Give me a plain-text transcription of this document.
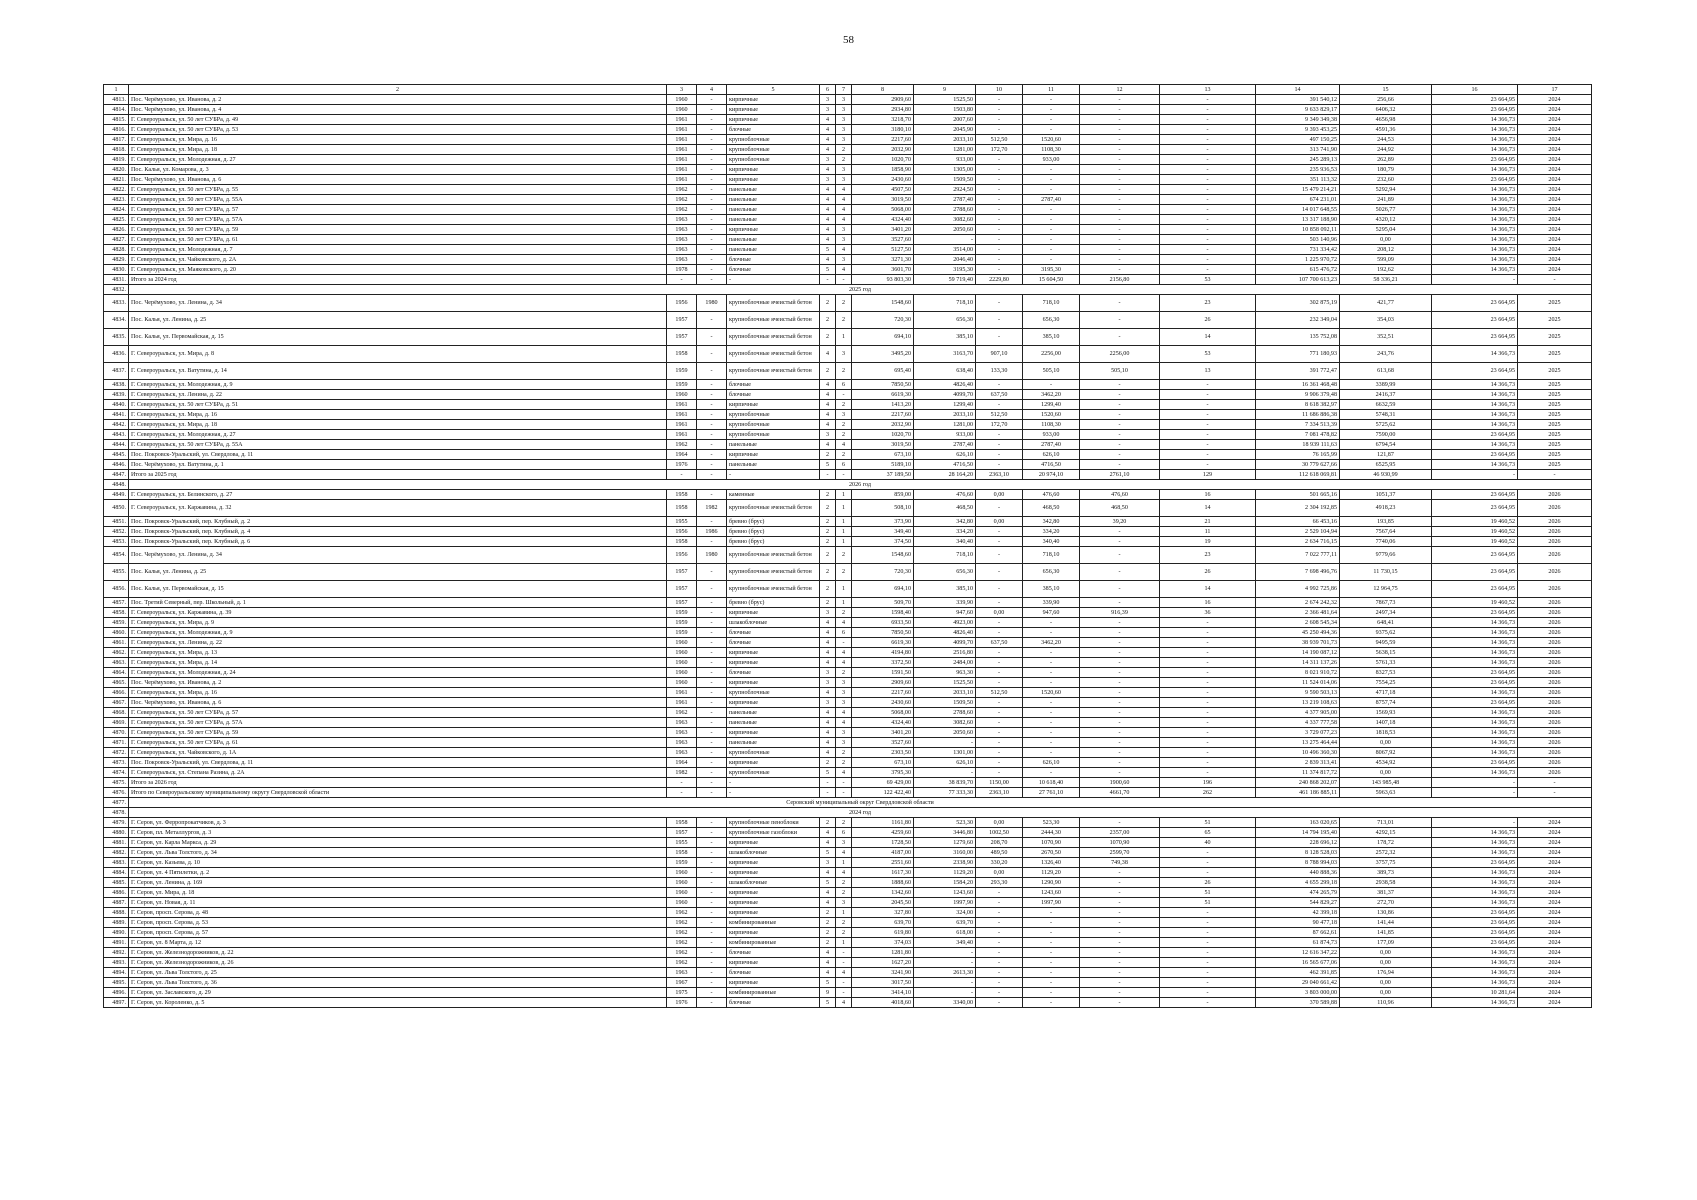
58
1	2	3	4	5	6	7	8	9	10	11	12	13	14	15	16	17
4813.	Пос. Черёмухово, ул. Иванова, д. 2	1960	-	кирпичные	3	3	2909,60	1525,50	-	-	-	-	391 540,12	256,66	23 664,95	2024
4814.	Пос. Черёмухово, ул. Иванова, д. 4	1960	-	кирпичные	3	3	2934,80	1503,80	-	-	-	-	9 633 829,17	6406,32	23 664,95	2024
4815.	Г. Североуральск, ул. 50 лет СУБРа, д. 49	1961	-	кирпичные	4	3	3218,70	2007,60	-	-	-	-	9 349 349,38	4656,98	14 366,73	2024
4816.	Г. Североуральск, ул. 50 лет СУБРа, д. 53	1961	-	блочные	4	3	3180,10	2045,90	-	-	-	-	9 393 453,25	4591,36	14 366,73	2024
4817.	Г. Североуральск, ул. Мира, д. 16	1961	-	крупноблочные	4	3	2217,60	2033,10	512,50	1520,60	-	-	497 150,25	244,53	14 366,73	2024
4818.	Г. Североуральск, ул. Мира, д. 18	1961	-	крупноблочные	4	2	2032,90	1281,00	172,70	1108,30	-	-	313 741,90	244,92	14 366,73	2024
4819.	Г. Североуральск, ул. Молодежная, д. 27	1961	-	крупноблочные	3	2	1020,70	933,00	-	933,00	-	-	245 289,13	262,89	23 664,95	2024
4820.	Пос. Калья, ул. Комарова, д. 3	1961	-	кирпичные	4	3	1858,90	1305,00	-	-	-	-	235 936,53	180,79	14 366,73	2024
4821.	Пос. Черёмухово, ул. Иванова, д. 6	1961	-	кирпичные	3	3	2430,60	1509,50	-	-	-	-	351 113,32	232,60	23 664,95	2024
4822.	Г. Североуральск, ул. 50 лет СУБРа, д. 55	1962	-	панельные	4	4	4507,50	2924,50	-	-	-	-	15 479 214,21	5292,94	14 366,73	2024
4823.	Г. Североуральск, ул. 50 лет СУБРа, д. 55А	1962	-	панельные	4	4	3019,50	2787,40	-	2787,40	-	-	674 231,01	241,89	14 366,73	2024
4824.	Г. Североуральск, ул. 50 лет СУБРа, д. 57	1962	-	панельные	4	4	5068,00	2788,60	-	-	-	-	14 017 648,55	5026,77	14 366,73	2024
4825.	Г. Североуральск, ул. 50 лет СУБРа, д. 57А	1963	-	панельные	4	4	4324,40	3082,60	-	-	-	-	13 317 188,90	4320,12	14 366,73	2024
4826.	Г. Североуральск, ул. 50 лет СУБРа, д. 59	1963	-	кирпичные	4	3	3401,20	2050,60	-	-	-	-	10 858 092,11	5295,04	14 366,73	2024
4827.	Г. Североуральск, ул. 50 лет СУБРа, д. 61	1963	-	панельные	4	3	3527,60	-	-	-	-	-	503 140,96	0,00	14 366,73	2024
4828.	Г. Североуральск, ул. Молодежная, д. 7	1963	-	панельные	5	4	5127,50	3514,00	-	-	-	-	731 334,42	208,12	14 366,73	2024
4829.	Г. Североуральск, ул. Чайковского, д. 2А	1963	-	блочные	4	3	3271,30	2046,40	-	-	-	-	1 225 970,72	599,09	14 366,73	2024
4830.	Г. Североуральск, ул. Маяковского, д. 20	1978	-	блочные	5	4	3601,70	3195,30	-	3195,30	-	-	615 476,72	192,62	14 366,73	2024
4831.	Итого за 2024 год	-	-	-	-	-	93 803,30	59 719,40	2229,80	15 604,50	2156,80	53	107 700 613,23	58 336,21	-	-
4832.	2025 год															
4833.	Пос. Черёмухово, ул. Ленина, д. 34	1956	1980	крупноблочные ячеистый бетон	2	2	1548,60	718,10	-	718,10	-	23	302 875,19	421,77	23 664,95	2025
4834.	Пос. Калья, ул. Ленина, д. 25	1957	-	крупноблочные ячеистый бетон	2	2	720,30	656,30	-	656,30	-	26	232 349,04	354,03	23 664,95	2025
4835.	Пос. Калья, ул. Первомайская, д. 15	1957	-	крупноблочные ячеистый бетон	2	1	694,10	385,10	-	385,10	-	14	135 752,08	352,51	23 664,95	2025
4836.	Г. Североуральск, ул. Мира, д. 8	1958	-	крупноблочные ячеистый бетон	4	3	3495,20	3163,70	907,10	2256,00	2256,00	53	771 180,93	243,76	14 366,73	2025
4837.	Г. Североуральск, ул. Ватутина, д. 14	1959	-	крупноблочные ячеистый бетон	2	2	695,40	638,40	133,30	505,10	505,10	13	391 772,47	613,68	23 664,95	2025
4838.	Г. Североуральск, ул. Молодежная, д. 9	1959	-	блочные	4	6	7850,50	4826,40	-	-	-	-	16 361 468,48	3389,99	14 366,73	2025
4839.	Г. Североуральск, ул. Ленина, д. 22	1960	-	блочные	4	-	6619,30	4099,70	637,50	3462,20	-	-	9 906 379,48	2416,37	14 366,73	2025
4840.	Г. Североуральск, ул. 50 лет СУБРа, д. 51	1961	-	кирпичные	4	2	1413,20	1299,40	-	1299,40	-	-	8 618 382,97	6632,59	14 366,73	2025
4841.	Г. Североуральск, ул. Мира, д. 16	1961	-	крупноблочные	4	3	2217,60	2033,10	512,50	1520,60	-	-	11 686 886,38	5748,31	14 366,73	2025
4842.	Г. Североуральск, ул. Мира, д. 18	1961	-	крупноблочные	4	2	2032,90	1281,00	172,70	1108,30	-	-	7 334 513,39	5725,62	14 366,73	2025
4843.	Г. Североуральск, ул. Молодежная, д. 27	1961	-	крупноблочные	3	2	1020,70	933,00	-	933,00	-	-	7 081 478,82	7590,00	23 664,95	2025
4844.	Г. Североуральск, ул. 50 лет СУБРа, д. 55А	1962	-	панельные	4	4	3019,50	2787,40	-	2787,40	-	-	18 939 111,63	6794,54	14 366,73	2025
4845.	Пос. Покровск-Уральский, ул. Свердлова, д. 11	1964	-	кирпичные	2	2	673,10	626,10	-	626,10	-	-	76 165,99	121,87	23 664,95	2025
4846.	Пос. Черёмухово, ул. Ватутина, д. 1	1976	-	панельные	5	6	5189,10	4716,50	-	4716,50	-	-	30 779 627,66	6525,95	14 366,73	2025
4847.	Итого за 2025 год	-	-	-	-	-	37 189,50	28 164,20	2363,10	20 974,10	2761,10	129	112 618 069,81	46 930,99	-	-
4848.	2026 год															
4849.	Г. Североуральск, ул. Белинского, д. 27	1958	-	каменные	2	1	859,00	476,60	0,00	476,60	476,60	16	501 665,16	1051,37	23 664,95	2026
4850.	Г. Североуральск, ул. Каржавина, д. 32	1958	1982	крупноблочные ячеистый бетон	2	1	508,10	468,50	-	468,50	468,50	14	2 304 192,85	4918,23	23 664,95	2026
4851.	Пос. Покровск-Уральский, пер. Клубный, д. 2	1955	-	бревно (брус)	2	1	373,90	342,80	0,00	342,80	39,20	21	66 453,16	193,85	19 460,52	2026
4852.	Пос. Покровск-Уральский, пер. Клубный, д. 4	1956	1986	бревно (брус)	2	1	349,40	334,20	-	334,20	-	11	2 529 104,94	7567,64	19 460,52	2026
4853.	Пос. Покровск-Уральский, пер. Клубный, д. 6	1958	-	бревно (брус)	2	1	374,50	340,40	-	340,40	-	19	2 634 716,15	7740,06	19 460,52	2026
4854.	Пос. Черёмухово, ул. Ленина, д. 34	1956	1980	крупноблочные ячеистый бетон	2	2	1548,60	718,10	-	718,10	-	23	7 022 777,11	9779,66	23 664,95	2026
4855.	Пос. Калья, ул. Ленина, д. 25	1957	-	крупноблочные ячеистый бетон	2	2	720,30	656,30	-	656,30	-	26	7 698 496,76	11 730,15	23 664,95	2026
4856.	Пос. Калья, ул. Первомайская, д. 15	1957	-	крупноблочные ячеистый бетон	2	1	694,10	385,10	-	385,10	-	14	4 992 725,86	12 964,75	23 664,95	2026
4857.	Пос. Третий Северный, пер. Школьный, д. 1	1957	-	бревно (брус)	2	1	509,70	339,90	-	339,90	-	16	2 674 242,32	7867,73	19 460,52	2026
4858.	Г. Североуральск, ул. Каржавина, д. 39	1959	-	кирпичные	3	2	1598,40	947,60	0,00	947,60	916,39	36	2 366 481,64	2497,34	23 664,95	2026
4859.	Г. Североуральск, ул. Мира, д. 9	1959	-	шлакоблочные	4	4	6933,50	4923,00	-	-	-	-	2 608 545,34	648,41	14 366,73	2026
4860.	Г. Североуральск, ул. Молодежная, д. 9	1959	-	блочные	4	6	7850,50	4826,40	-	-	-	-	45 250 494,36	9375,62	14 366,73	2026
4861.	Г. Североуральск, ул. Ленина, д. 22	1960	-	блочные	4	-	6619,30	4099,70	637,50	3462,20	-	-	38 939 701,73	9495,59	14 366,73	2026
4862.	Г. Североуральск, ул. Мира, д. 13	1960	-	кирпичные	4	4	4194,80	2516,80	-	-	-	-	14 190 087,12	5638,15	14 366,73	2026
4863.	Г. Североуральск, ул. Мира, д. 14	1960	-	кирпичные	4	4	3372,50	2484,00	-	-	-	-	14 311 137,26	5761,33	14 366,73	2026
4864.	Г. Североуральск, ул. Молодежная, д. 24	1960	-	блочные	3	2	1591,50	963,30	-	-	-	-	8 021 910,72	8327,53	23 664,95	2026
4865.	Пос. Черёмухово, ул. Иванова, д. 2	1960	-	кирпичные	3	3	2909,60	1525,50	-	-	-	-	11 524 014,06	7554,25	23 664,95	2026
4866.	Г. Североуральск, ул. Мира, д. 16	1961	-	крупноблочные	4	3	2217,60	2033,10	512,50	1520,60	-	-	9 590 503,13	4717,18	14 366,73	2026
4867.	Пос. Черёмухово, ул. Иванова, д. 6	1961	-	кирпичные	3	3	2430,60	1509,50	-	-	-	-	13 219 108,63	8757,74	23 664,95	2026
4868.	Г. Североуральск, ул. 50 лет СУБРа, д. 57	1962	-	панельные	4	4	5068,00	2788,60	-	-	-	-	4 377 905,00	1569,93	14 366,73	2026
4869.	Г. Североуральск, ул. 50 лет СУБРа, д. 57А	1963	-	панельные	4	4	4324,40	3082,60	-	-	-	-	4 337 777,58	1407,18	14 366,73	2026
4870.	Г. Североуральск, ул. 50 лет СУБРа, д. 59	1963	-	кирпичные	4	3	3401,20	2050,60	-	-	-	-	3 729 077,23	1818,53	14 366,73	2026
4871.	Г. Североуральск, ул. 50 лет СУБРа, д. 61	1963	-	панельные	4	3	3527,60	-	-	-	-	-	13 275 464,44	0,00	14 366,73	2026
4872.	Г. Североуральск, ул. Чайковского, д. 1А	1963	-	крупноблочные	4	2	2303,50	1301,00	-	-	-	-	10 496 360,30	8067,92	14 366,73	2026
4873.	Пос. Покровск-Уральский, ул. Свердлова, д. 11	1964	-	кирпичные	2	2	673,10	626,10	-	626,10	-	-	2 839 313,41	4534,92	23 664,95	2026
4874.	Г. Североуральск, ул. Степана Разина, д. 2А	1982	-	крупноблочные	5	4	3795,30	-	-	-	-	-	11 374 817,72	0,00	14 366,73	2026
4875.	Итого за 2026 год	-	-	-	-	-	69 429,00	38 839,70	1150,00	10 618,40	1900,60	196	240 868 202,07	143 985,48	-	-
4876.	Итого по Североуральскому муниципальному округу Свердловской области	-	-	-	-	-	122 422,40	77 333,30	2363,10	27 761,10	4661,70	262	461 186 885,11	5963,63	-	-
4877.	Серовский муниципальный округ Свердловской области															
4878.	2024 год															
4879.	Г. Серов, ул. Ферропрокатчиков, д. 3	1958	-	крупноблочные пеноблоки	2	2	1161,80	523,30	0,00	523,30	-	51	163 020,65	713,01	-	2024
4880.	Г. Серов, пл. Металлургов, д. 3	1957	-	крупноблочные газоблоки	4	6	4259,60	3446,80	1002,50	2444,30	2357,00	65	14 794 195,40	4292,15	14 366,73	2024
4881.	Г. Серов, ул. Карла Маркса, д. 29	1955	-	кирпичные	4	3	1728,50	1279,60	208,70	1070,90	1070,90	40	228 696,12	178,72	14 366,73	2024
4882.	Г. Серов, ул. Льва Толстого, д. 34	1958	-	шлакоблочные	5	4	4187,00	3160,00	489,50	2670,50	2599,70	-	8 128 528,03	2572,32	14 366,73	2024
4883.	Г. Серов, ул. Казьева, д. 10	1959	-	кирпичные	3	1	2551,60	2338,90	330,20	1326,40	749,38	-	8 788 994,03	3757,75	23 664,95	2024
4884.	Г. Серов, ул. 4 Пятилетки, д. 2	1960	-	кирпичные	4	4	1617,30	1129,20	0,00	1129,20	-	-	440 888,36	389,73	14 366,73	2024
4885.	Г. Серов, ул. Ленина, д. 169	1960	-	шлакоблочные	5	2	1888,60	1584,20	293,30	1290,90	-	26	4 655 299,18	2938,58	14 366,73	2024
4886.	Г. Серов, ул. Мира, д. 18	1960	-	кирпичные	4	2	1342,60	1243,60	-	1243,60	-	51	474 265,79	381,37	14 366,73	2024
4887.	Г. Серов, ул. Новая, д. 11	1960	-	кирпичные	4	3	2045,50	1997,90	-	1997,90	-	51	544 829,27	272,70	14 366,73	2024
4888.	Г. Серов, просп. Серова, д. 48	1962	-	кирпичные	2	1	327,80	324,00	-	-	-	-	42 399,18	130,86	23 664,95	2024
4889.	Г. Серов, просп. Серова, д. 53	1962	-	комбинированные	2	2	639,70	639,70	-	-	-	-	90 477,18	141,44	23 664,95	2024
4890.	Г. Серов, просп. Серова, д. 57	1962	-	кирпичные	2	2	619,80	618,00	-	-	-	-	87 662,61	141,85	23 664,95	2024
4891.	Г. Серов, ул. 8 Марта, д. 12	1962	-	комбинированные	2	1	374,03	349,40	-	-	-	-	61 874,73	177,09	23 664,95	2024
4892.	Г. Серов, ул. Железнодорожников, д. 22	1962	-	блочные	4	-	1281,80	-	-	-	-	-	12 616 347,22	0,00	14 366,73	2024
4893.	Г. Серов, ул. Железнодорожников, д. 26	1962	-	кирпичные	4	-	1627,20	-	-	-	-	-	16 565 677,06	0,00	14 366,73	2024
4894.	Г. Серов, ул. Льва Толстого, д. 25	1963	-	блочные	4	4	3241,90	2613,30	-	-	-	-	462 391,85	176,94	14 366,73	2024
4895.	Г. Серов, ул. Льва Толстого, д. 36	1967	-	кирпичные	5	-	3017,50	-	-	-	-	-	29 040 661,42	0,00	14 366,73	2024
4896.	Г. Серов, ул. Заславского, д. 29	1975	-	комбинированные	9	-	3414,10	-	-	-	-	-	3 803 000,00	0,00	10 281,64	2024
4897.	Г. Серов, ул. Короленко, д. 5	1976	-	блочные	5	4	4018,60	3340,00	-	-	-	-	370 589,88	110,96	14 366,73	2024
